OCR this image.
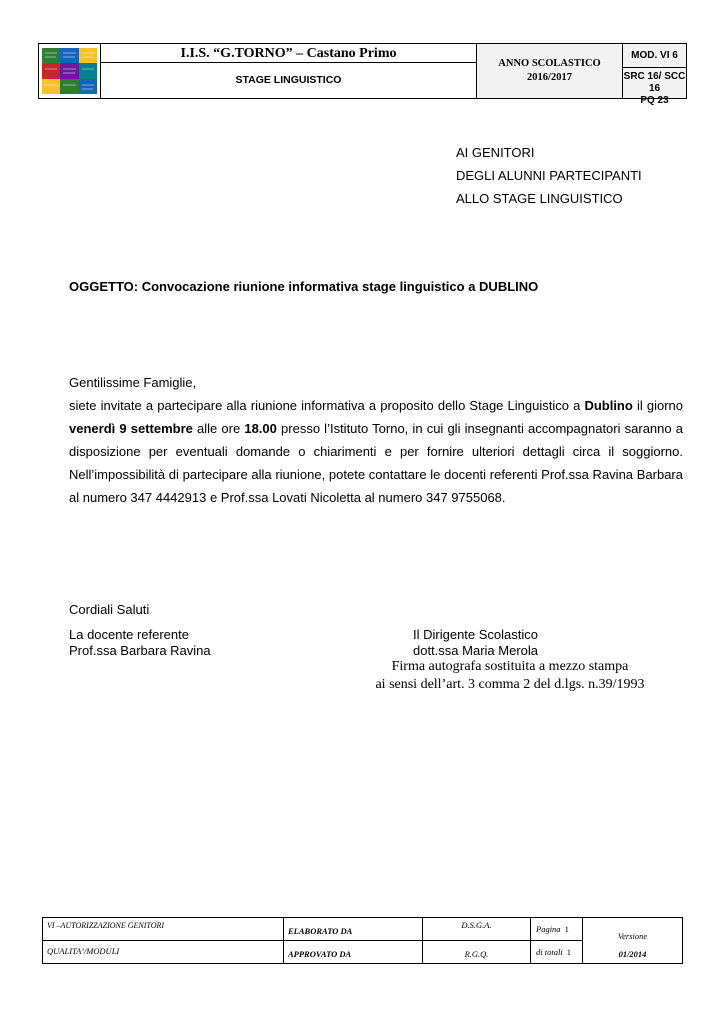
I.I.S. “G.TORNO” – Castano Primo
STAGE LINGUISTICO
ANNO SCOLASTICO
2016/2017
MOD. VI 6
SRC 16/ SCC 16
PQ 23
AI GENITORI
DEGLI ALUNNI PARTECIPANTI
ALLO STAGE LINGUISTICO
OGGETTO: Convocazione riunione informativa stage linguistico a DUBLINO

Gentilissime Famiglie,

siete invitate a partecipare alla riunione informativa a proposito dello Stage Linguistico a Dublino il giorno venerdì 9 settembre alle ore 18.00 presso l’Istituto Torno, in cui gli insegnanti accompagnatori saranno a disposizione per eventuali domande o chiarimenti e per fornire ulteriori dettagli circa il soggiorno. Nell’impossibilità di partecipare alla riunione, potete contattare le docenti referenti Prof.ssa Ravina Barbara al numero 347 4442913 e Prof.ssa Lovati Nicoletta al numero 347 9755068.

Cordiali Saluti
La docente referente
Prof.ssa Barbara Ravina
Il Dirigente Scolastico
dott.ssa Maria Merola
Firma autografa sostituita a mezzo stampa
ai sensi dell’art. 3 comma 2 del d.lgs. n.39/1993
VI –AUTORIZZAZIONE GENITORI
QUALITA’/MODULI
ELABORATO DA
APPROVATO DA
D.S.G.A.
R.G.Q.
Pagina 1
di totali 1
Versione
01/2014
